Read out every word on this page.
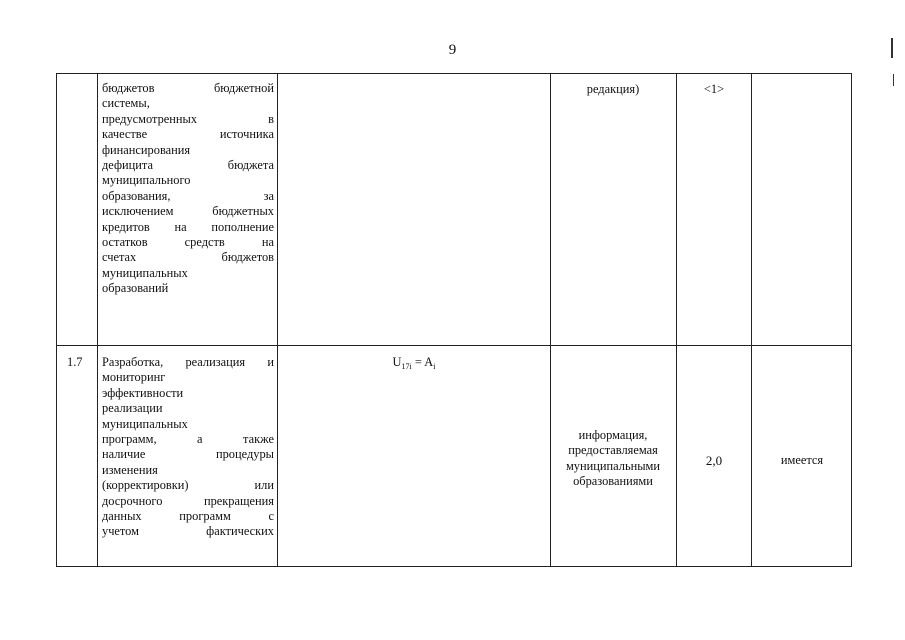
9
бюджетов бюджетной
системы,
предусмотренных в
качестве источника
финансирования
дефицита бюджета
муниципального
образования, за
исключением бюджетных
кредитов на пополнение
остатков средств на
счетах бюджетов
муниципальных
образований
редакция)	<1>
1.7 Разработка, реализация и
мониторинг
эффективности
реализации
муниципальных
программ, а также
наличие процедуры
изменения
(корректировки) или
досрочного прекращения
данных программ с
учетом фактических
$U_{17i} = A_i$
информация,
предоставляемая
муниципальными
образованиями
2,0	имеется
